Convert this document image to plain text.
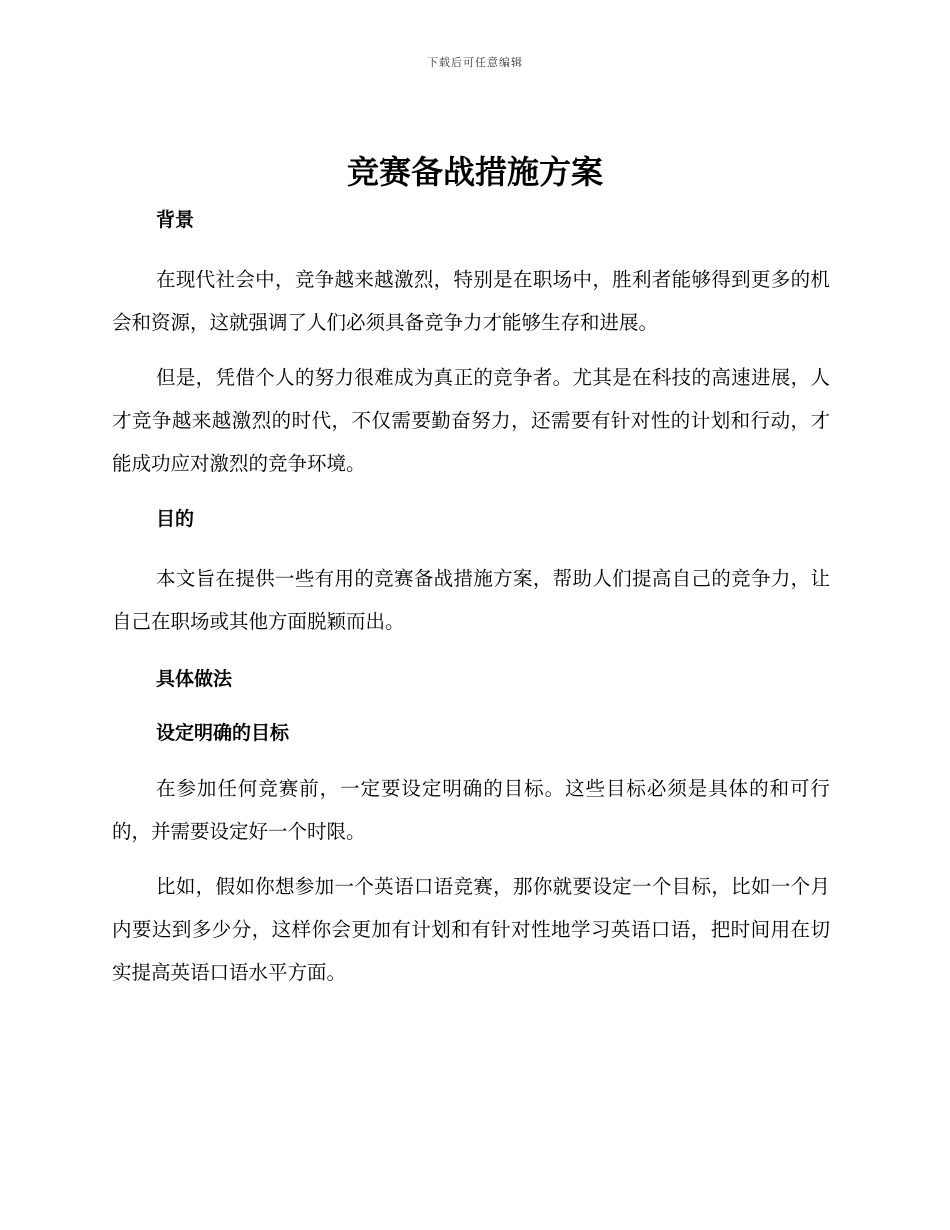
下载后可任意编辑
竞赛备战措施方案
背景

在现代社会中，竞争越来越激烈，特别是在职场中，胜利者能够得到更多的机会和资源，这就强调了人们必须具备竞争力才能够生存和进展。

但是，凭借个人的努力很难成为真正的竞争者。尤其是在科技的高速进展，人才竞争越来越激烈的时代，不仅需要勤奋努力，还需要有针对性的计划和行动，才能成功应对激烈的竞争环境。

目的

本文旨在提供一些有用的竞赛备战措施方案，帮助人们提高自己的竞争力，让自己在职场或其他方面脱颖而出。

具体做法
设定明确的目标

在参加任何竞赛前，一定要设定明确的目标。这些目标必须是具体的和可行的，并需要设定好一个时限。

比如，假如你想参加一个英语口语竞赛，那你就要设定一个目标，比如一个月内要达到多少分，这样你会更加有计划和有针对性地学习英语口语，把时间用在切实提高英语口语水平方面。
